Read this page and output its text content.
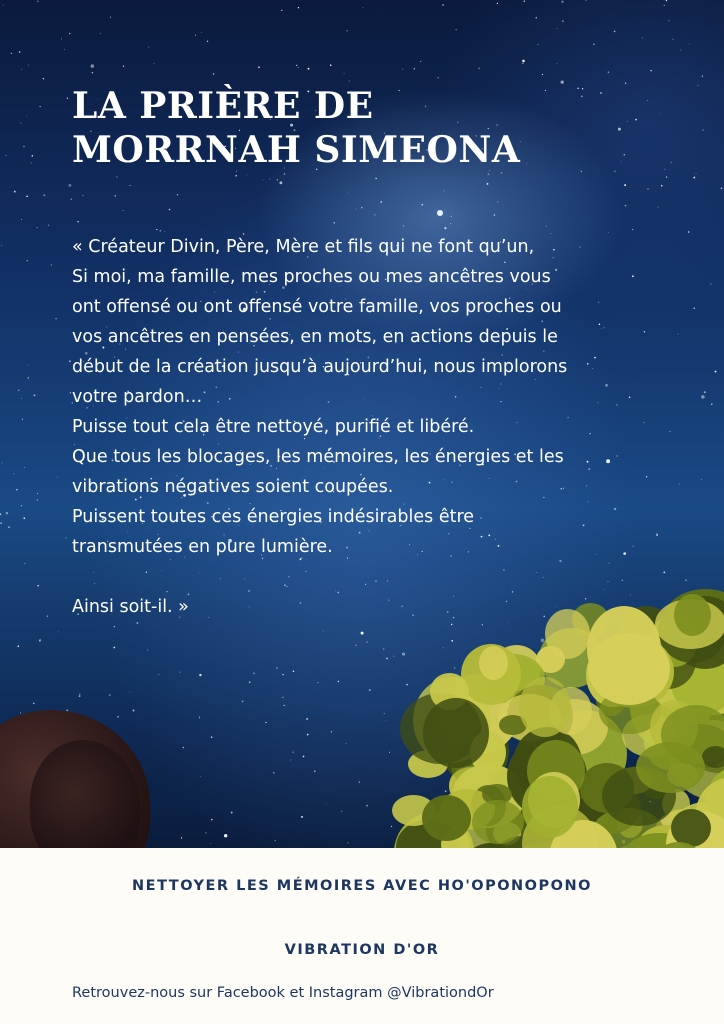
LA PRIÈRE DE
MORRNAH SIMEONA

« Créateur Divin, Père, Mère et fils qui ne font qu’un,

Si moi, ma famille, mes proches ou mes ancêtres vous

ont offensé ou ont offensé votre famille, vos proches ou

vos ancêtres en pensées, en mots, en actions depuis le

début de la création jusqu’à aujourd’hui, nous implorons

votre pardon…

Puisse tout cela être nettoyé, purifié et libéré.

Que tous les blocages, les mémoires, les énergies et les

vibrations négatives soient coupées.

Puissent toutes ces énergies indésirables être

transmutées en pure lumière.

Ainsi soit-il. »

NETTOYER LES MÉMOIRES AVEC HO'OPONOPONO
VIBRATION D'OR
Retrouvez-nous sur Facebook et Instagram @VibrationdOr
